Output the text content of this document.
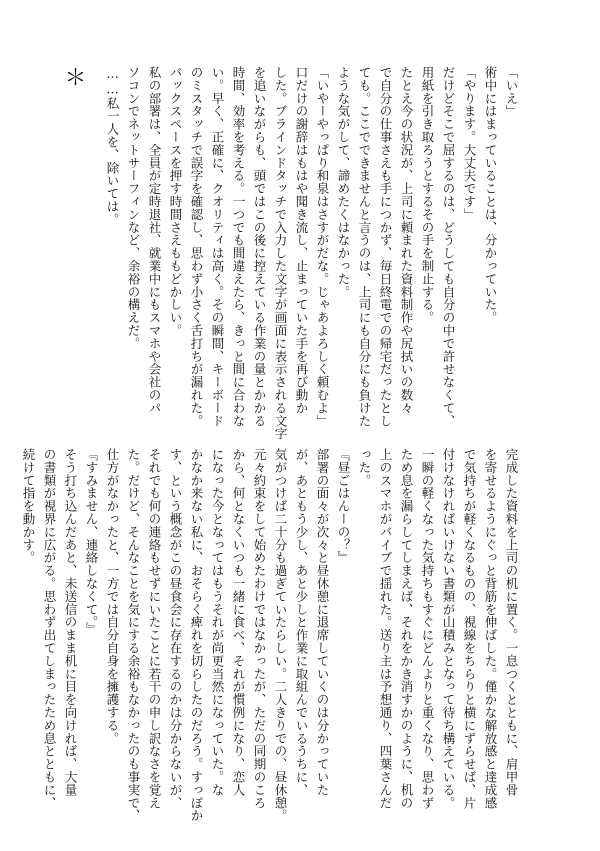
「いえ」

術中にはまっていることは、分かっていた。

「やります。大丈夫です」

だけどそこで屈するのは、どうしても自分の中で許せなくて、

用紙を引き取ろうとするその手を制止する。

たとえ今の状況が、上司に頼まれた資料制作や尻拭いの数々

で自分の仕事さえも手につかず、毎日終電での帰宅だったとし

ても。ここでできませんと言うのは、上司にも自分にも負けた

ような気がして、諦めたくはなかった。

「いやーやっぱり和泉はさすがだな。じゃあよろしく頼むよ」

口だけの謝辞はもはや聞き流し、止まっていた手を再び動か

した。ブラインドタッチで入力した文字が画面に表示される文字

を追いながらも、頭ではこの後に控えている作業の量とかかる

時間、効率を考える。一つでも間違えたら、きっと間に合わな

い。早く、正確に、クオリティは高く。その瞬間、キーボード

のミスタッチで誤字を確認し、思わず小さく舌打ちが漏れた。

バックスペースを押す時間さえももどかしい。

私の部署は、全員が定時退社、就業中にもスマホや会社のパ

ソコンでネットサーフィンなど、余裕の構えだ。

……私一人を、除いては。

＊

完成した資料を上司の机に置く。一息つくとともに、肩甲骨

を寄せるようにぐっと背筋を伸ばした。僅かな解放感と達成感

で気持ちが軽くなるものの、視線をちらりと横にずらせば、片

付けなければいけない書類が山積みとなって待ち構えている。

一瞬の軽くなった気持ちもすぐにどんよりと重くなり、思わず

ため息を漏らしてしまえば、それをかき消すかのように、机の

上のスマホがバイブで揺れた。送り主は予想通り、四葉さんだ

った。

『昼ごはんーの？』

部署の面々が次々と昼休憩に退席していくのは分かっていた

が、あともう少し、あと少しと作業に取組んでいるうちに、

気がつけば二十分も過ぎていたらしい。二人きりでの、昼休憩。

元々約束をして始めたわけではなかったが、ただの同期のころ

から、何となくいつも一緒に食べ、それが慣例になり、恋人

になった今となってはもうそれが尚更当然になっていた。な

かなか来ない私に、おそらく痺れを切らしたのだろう。すっぽか

す、という概念がこの昼食会に存在するのかは分からないが、

それでも何の連絡もせずにいたことに若干の申し訳なさを覚え

た。だけど、そんなことを気にする余裕もなかったのも事実で、

仕方がなかったと、一方では自分自身を擁護する。

『すみません、連絡しなくて。』

そう打ち込んだあと、未送信のまま机に目を向ければ、大量

の書類が視界に広がる。思わず出てしまったため息とともに、

続けて指を動かす。
